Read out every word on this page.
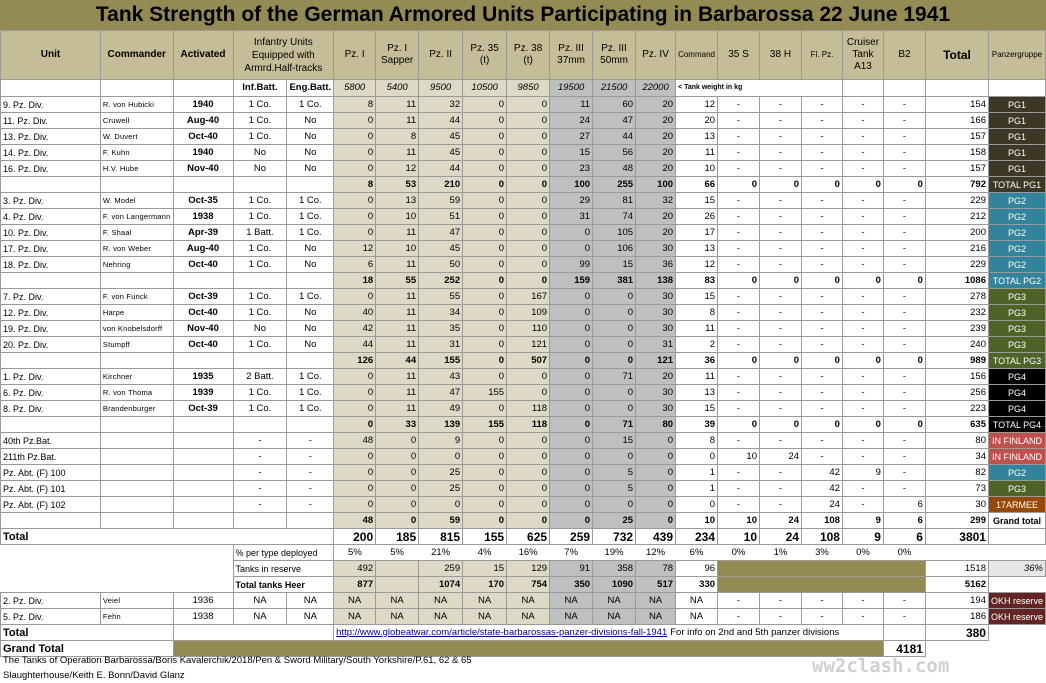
Tank Strength of the German Armored Units Participating in Barbarossa 22 June 1941
Unit	Commander	Activated	Infantry Units Equipped with Armrd.Half-tracks		Pz. I	Pz. I Sapper	Pz. II	Pz. 35 (t)	Pz. 38 (t)	Pz. III 37mm	Pz. III 50mm	Pz. IV	Command	35 S	38 H	Fl. Pz.	Cruiser Tank A13	B2	Total	Panzergruppe
			Inf.Batt.	Eng.Batt.	5800	5400	9500	10500	9850	19500	21500	22000	< Tank weight in kg							
9. Pz. Div.	R. von Hubicki	1940	1 Co.	1 Co.	8	11	32	0	0	11	60	20	12	-	-	-	-	-	154	PG1
11. Pz. Div.	Cruwell	Aug-40	1 Co.	No	0	11	44	0	0	24	47	20	20	-	-	-	-	-	166	PG1
13. Pz. Div.	W. Duvert	Oct-40	1 Co.	No	0	8	45	0	0	27	44	20	13	-	-	-	-	-	157	PG1
14. Pz. Div.	F. Kuhn	1940	No	No	0	11	45	0	0	15	56	20	11	-	-	-	-	-	158	PG1
16. Pz. Div.	H.V. Hube	Nov-40	No	No	0	12	44	0	0	23	48	20	10	-	-	-	-	-	157	PG1
					8	53	210	0	0	100	255	100	66	0	0	0	0	0	792	TOTAL PG1
3. Pz. Div.	W. Model	Oct-35	1 Co.	1 Co.	0	13	59	0	0	29	81	32	15	-	-	-	-	-	229	PG2
4. Pz. Div.	F. von Langermann	1938	1 Co.	1 Co.	0	10	51	0	0	31	74	20	26	-	-	-	-	-	212	PG2
10. Pz. Div.	F. Shaal	Apr-39	1 Batt.	1 Co.	0	11	47	0	0	0	105	20	17	-	-	-	-	-	200	PG2
17. Pz. Div.	R. von Weber	Aug-40	1 Co.	No	12	10	45	0	0	0	106	30	13	-	-	-	-	-	216	PG2
18. Pz. Div.	Nehring	Oct-40	1 Co.	No	6	11	50	0	0	99	15	36	12	-	-	-	-	-	229	PG2
					18	55	252	0	0	159	381	138	83	0	0	0	0	0	1086	TOTAL PG2
7. Pz. Div.	F. von Funck	Oct-39	1 Co.	1 Co.	0	11	55	0	167	0	0	30	15	-	-	-	-	-	278	PG3
12. Pz. Div.	Harpe	Oct-40	1 Co.	No	40	11	34	0	109	0	0	30	8	-	-	-	-	-	232	PG3
19. Pz. Div.	von Knobelsdorff	Nov-40	No	No	42	11	35	0	110	0	0	30	11	-	-	-	-	-	239	PG3
20. Pz. Div.	Stumpff	Oct-40	1 Co.	No	44	11	31	0	121	0	0	31	2	-	-	-	-	-	240	PG3
					126	44	155	0	507	0	0	121	36	0	0	0	0	0	989	TOTAL PG3
1. Pz. Div.	Kirchner	1935	2 Batt.	1 Co.	0	11	43	0	0	0	71	20	11	-	-	-	-	-	156	PG4
6. Pz. Div.	R. von Thoma	1939	1 Co.	1 Co.	0	11	47	155	0	0	0	30	13	-	-	-	-	-	256	PG4
8. Pz. Div.	Brandenburger	Oct-39	1 Co.	1 Co.	0	11	49	0	118	0	0	30	15	-	-	-	-	-	223	PG4
					0	33	139	155	118	0	71	80	39	0	0	0	0	0	635	TOTAL PG4
40th Pz.Bat.			-	-	48	0	9	0	0	0	15	0	8	-	-	-	-	-	80	IN FINLAND
211th Pz.Bat.			-	-	0	0	0	0	0	0	0	0	0	10	24	-	-	-	34	IN FINLAND
Pz. Abt. (F) 100			-	-	0	0	25	0	0	0	5	0	1	-	-	42	9	-	82	PG2
Pz. Abt. (F) 101			-	-	0	0	25	0	0	0	5	0	1	-	-	42	-	-	73	PG3
Pz. Abt. (F) 102			-	-	0	0	0	0	0	0	0	0	0	-	-	24	-	6	30	17ARMEE
					48	0	59	0	0	0	25	0	10	10	24	108	9	6	299	Grand total
Total					200	185	815	155	625	259	732	439	234	10	24	108	9	6	3801	
			% per type deployed		5%	5%	21%	4%	16%	7%	19%	12%	6%	0%	1%	3%	0%	0%		
			Tanks in reserve		492		259	15	129	91	358	78	96						1518	36%
			Total tanks Heer		877		1074	170	754	350	1090	517	330						5162	
2. Pz. Div.	Veiel	1936	NA	NA	NA	NA	NA	NA	NA	NA	NA	NA	NA	-	-	-	-	-	194	OKH reserve
5. Pz. Div.	Fehn	1938	NA	NA	NA	NA	NA	NA	NA	NA	NA	NA	NA	-	-	-	-	-	186	OKH reserve
Total					http://www.globeatwar.com/article/state-barbarossas-panzer-divisions-fall-1941 For info on 2nd and 5th panzer divisions														380	
Grand Total																		4181		
The Tanks of Operation Barbarossa/Boris Kavalerchik/2018/Pen & Sword Military/South Yorkshire/P.61, 62 & 65
Slaughterhouse/Keith E. Bonn/David Glanz	ww2clash.com
